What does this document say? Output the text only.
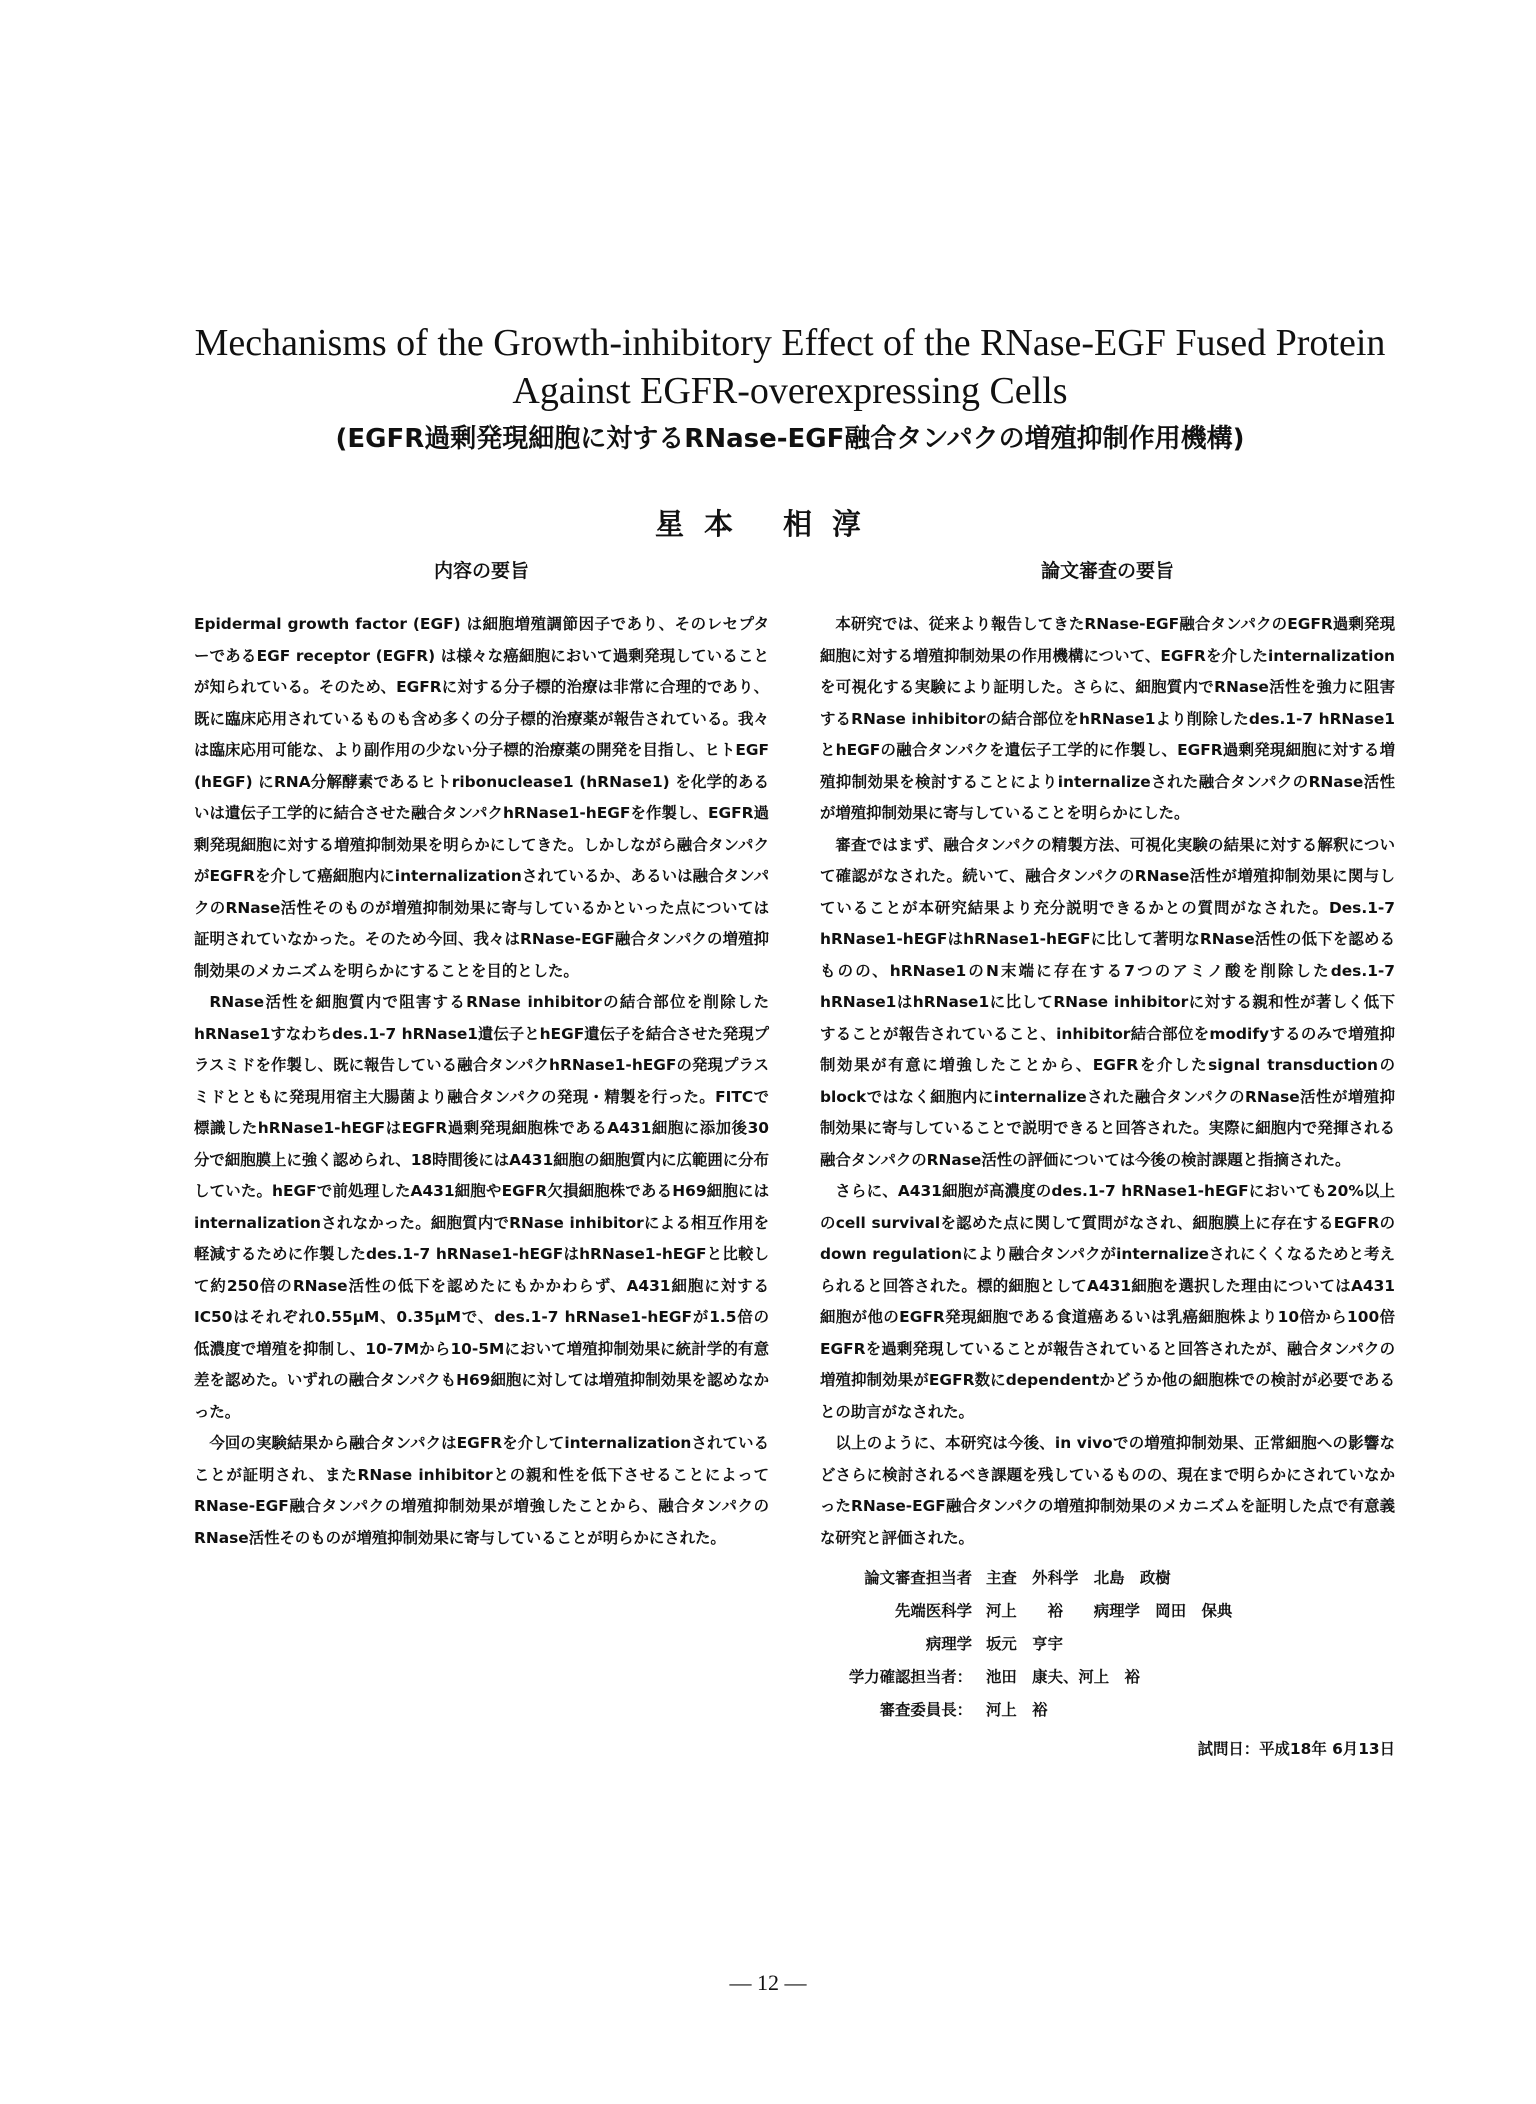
Mechanisms of the Growth-inhibitory Effect of the RNase-EGF Fused Protein
Against EGFR-overexpressing Cells
(EGFR過剰発現細胞に対するRNase-EGF融合タンパクの増殖抑制作用機構)
星本 相淳
内容の要旨

Epidermal growth factor (EGF) は細胞増殖調節因子であり、そのレセプターであるEGF receptor (EGFR) は様々な癌細胞において過剰発現していることが知られている。そのため、EGFRに対する分子標的治療は非常に合理的であり、既に臨床応用されているものも含め多くの分子標的治療薬が報告されている。我々は臨床応用可能な、より副作用の少ない分子標的治療薬の開発を目指し、ヒトEGF (hEGF) にRNA分解酵素であるヒトribonuclease1 (hRNase1) を化学的あるいは遺伝子工学的に結合させた融合タンパクhRNase1-hEGFを作製し、EGFR過剰発現細胞に対する増殖抑制効果を明らかにしてきた。しかしながら融合タンパクがEGFRを介して癌細胞内にinternalizationされているか、あるいは融合タンパクのRNase活性そのものが増殖抑制効果に寄与しているかといった点については証明されていなかった。そのため今回、我々はRNase-EGF融合タンパクの増殖抑制効果のメカニズムを明らかにすることを目的とした。

RNase活性を細胞質内で阻害するRNase inhibitorの結合部位を削除したhRNase1すなわちdes.1-7 hRNase1遺伝子とhEGF遺伝子を結合させた発現プラスミドを作製し、既に報告している融合タンパクhRNase1-hEGFの発現プラスミドとともに発現用宿主大腸菌より融合タンパクの発現・精製を行った。FITCで標識したhRNase1-hEGFはEGFR過剰発現細胞株であるA431細胞に添加後30分で細胞膜上に強く認められ、18時間後にはA431細胞の細胞質内に広範囲に分布していた。hEGFで前処理したA431細胞やEGFR欠損細胞株であるH69細胞にはinternalizationされなかった。細胞質内でRNase inhibitorによる相互作用を軽減するために作製したdes.1-7 hRNase1-hEGFはhRNase1-hEGFと比較して約250倍のRNase活性の低下を認めたにもかかわらず、A431細胞に対するIC50はそれぞれ0.55μM、0.35μMで、des.1-7 hRNase1-hEGFが1.5倍の低濃度で増殖を抑制し、10-7Mから10-5Mにおいて増殖抑制効果に統計学的有意差を認めた。いずれの融合タンパクもH69細胞に対しては増殖抑制効果を認めなかった。

今回の実験結果から融合タンパクはEGFRを介してinternalizationされていることが証明され、またRNase inhibitorとの親和性を低下させることによってRNase-EGF融合タンパクの増殖抑制効果が増強したことから、融合タンパクのRNase活性そのものが増殖抑制効果に寄与していることが明らかにされた。

論文審査の要旨

本研究では、従来より報告してきたRNase-EGF融合タンパクのEGFR過剰発現細胞に対する増殖抑制効果の作用機構について、EGFRを介したinternalizationを可視化する実験により証明した。さらに、細胞質内でRNase活性を強力に阻害するRNase inhibitorの結合部位をhRNase1より削除したdes.1-7 hRNase1とhEGFの融合タンパクを遺伝子工学的に作製し、EGFR過剰発現細胞に対する増殖抑制効果を検討することによりinternalizeされた融合タンパクのRNase活性が増殖抑制効果に寄与していることを明らかにした。

審査ではまず、融合タンパクの精製方法、可視化実験の結果に対する解釈について確認がなされた。続いて、融合タンパクのRNase活性が増殖抑制効果に関与していることが本研究結果より充分説明できるかとの質問がなされた。Des.1-7 hRNase1-hEGFはhRNase1-hEGFに比して著明なRNase活性の低下を認めるものの、hRNase1のN末端に存在する7つのアミノ酸を削除したdes.1-7 hRNase1はhRNase1に比してRNase inhibitorに対する親和性が著しく低下することが報告されていること、inhibitor結合部位をmodifyするのみで増殖抑制効果が有意に増強したことから、EGFRを介したsignal transductionのblockではなく細胞内にinternalizeされた融合タンパクのRNase活性が増殖抑制効果に寄与していることで説明できると回答された。実際に細胞内で発揮される融合タンパクのRNase活性の評価については今後の検討課題と指摘された。

さらに、A431細胞が高濃度のdes.1-7 hRNase1-hEGFにおいても20%以上のcell survivalを認めた点に関して質問がなされ、細胞膜上に存在するEGFRのdown regulationにより融合タンパクがinternalizeされにくくなるためと考えられると回答された。標的細胞としてA431細胞を選択した理由についてはA431細胞が他のEGFR発現細胞である食道癌あるいは乳癌細胞株より10倍から100倍EGFRを過剰発現していることが報告されていると回答されたが、融合タンパクの増殖抑制効果がEGFR数にdependentかどうか他の細胞株での検討が必要であるとの助言がなされた。

以上のように、本研究は今後、in vivoでの増殖抑制効果、正常細胞への影響などさらに検討されるべき課題を残しているものの、現在まで明らかにされていなかったRNase-EGF融合タンパクの増殖抑制効果のメカニズムを証明した点で有意義な研究と評価された。

論文審査担当者 主査　外科学　北島　政樹
先端医科学 河上　　裕　　病理学　岡田　保典
病理学 坂元　亨宇
学力確認担当者： 池田　康夫、河上　裕
審査委員長： 河上　裕
試問日：平成18年 6月13日
— 12 —
